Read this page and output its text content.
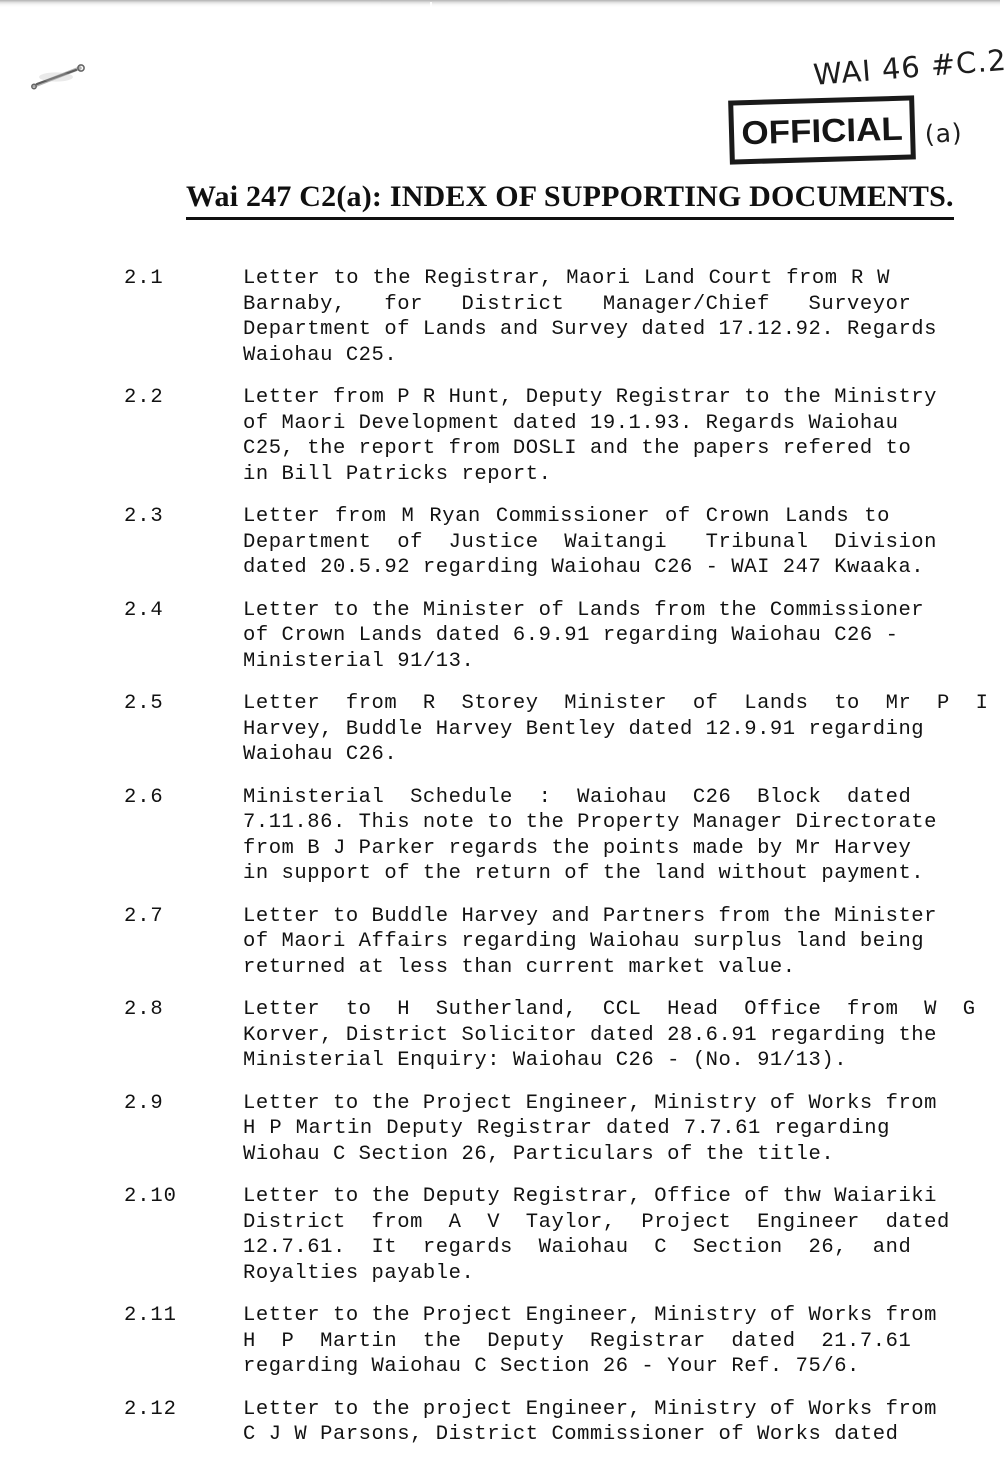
WAI 46 #C.2
(a)
OFFICIAL
Wai 247 C2(a): INDEX OF SUPPORTING DOCUMENTS.
2.1	Letter to the Registrar, Maori Land Court from R W
Barnaby,   for   District   Manager/Chief   Surveyor
Department of Lands and Survey dated 17.12.92. Regards
Waiohau C25.
2.2	Letter from P R Hunt, Deputy Registrar to the Ministry
of Maori Development dated 19.1.93. Regards Waiohau
C25, the report from DOSLI and the papers refered to
in Bill Patricks report.
2.3	Letter from M Ryan Commissioner of Crown Lands to
Department  of  Justice  Waitangi   Tribunal  Division
dated 20.5.92 regarding Waiohau C26 - WAI 247 Kwaaka.
2.4	Letter to the Minister of Lands from the Commissioner
of Crown Lands dated 6.9.91 regarding Waiohau C26 -
Ministerial 91/13.
2.5	Letter  from  R  Storey  Minister  of  Lands  to  Mr  P  I
Harvey, Buddle Harvey Bentley dated 12.9.91 regarding
Waiohau C26.
2.6	Ministerial  Schedule  :  Waiohau  C26  Block  dated
7.11.86. This note to the Property Manager Directorate
from B J Parker regards the points made by Mr Harvey
in support of the return of the land without payment.
2.7	Letter to Buddle Harvey and Partners from the Minister
of Maori Affairs regarding Waiohau surplus land being
returned at less than current market value.
2.8	Letter  to  H  Sutherland,  CCL  Head  Office  from  W  G
Korver, District Solicitor dated 28.6.91 regarding the
Ministerial Enquiry: Waiohau C26 - (No. 91/13).
2.9	Letter to the Project Engineer, Ministry of Works from
H P Martin Deputy Registrar dated 7.7.61 regarding
Wiohau C Section 26, Particulars of the title.
2.10	Letter to the Deputy Registrar, Office of thw Waiariki
District  from  A  V  Taylor,  Project  Engineer  dated
12.7.61.  It  regards  Waiohau  C  Section  26,  and
Royalties payable.
2.11	Letter to the Project Engineer, Ministry of Works from
H  P  Martin  the  Deputy  Registrar  dated  21.7.61
regarding Waiohau C Section 26 - Your Ref. 75/6.
2.12	Letter to the project Engineer, Ministry of Works from
C J W Parsons, District Commissioner of Works dated
